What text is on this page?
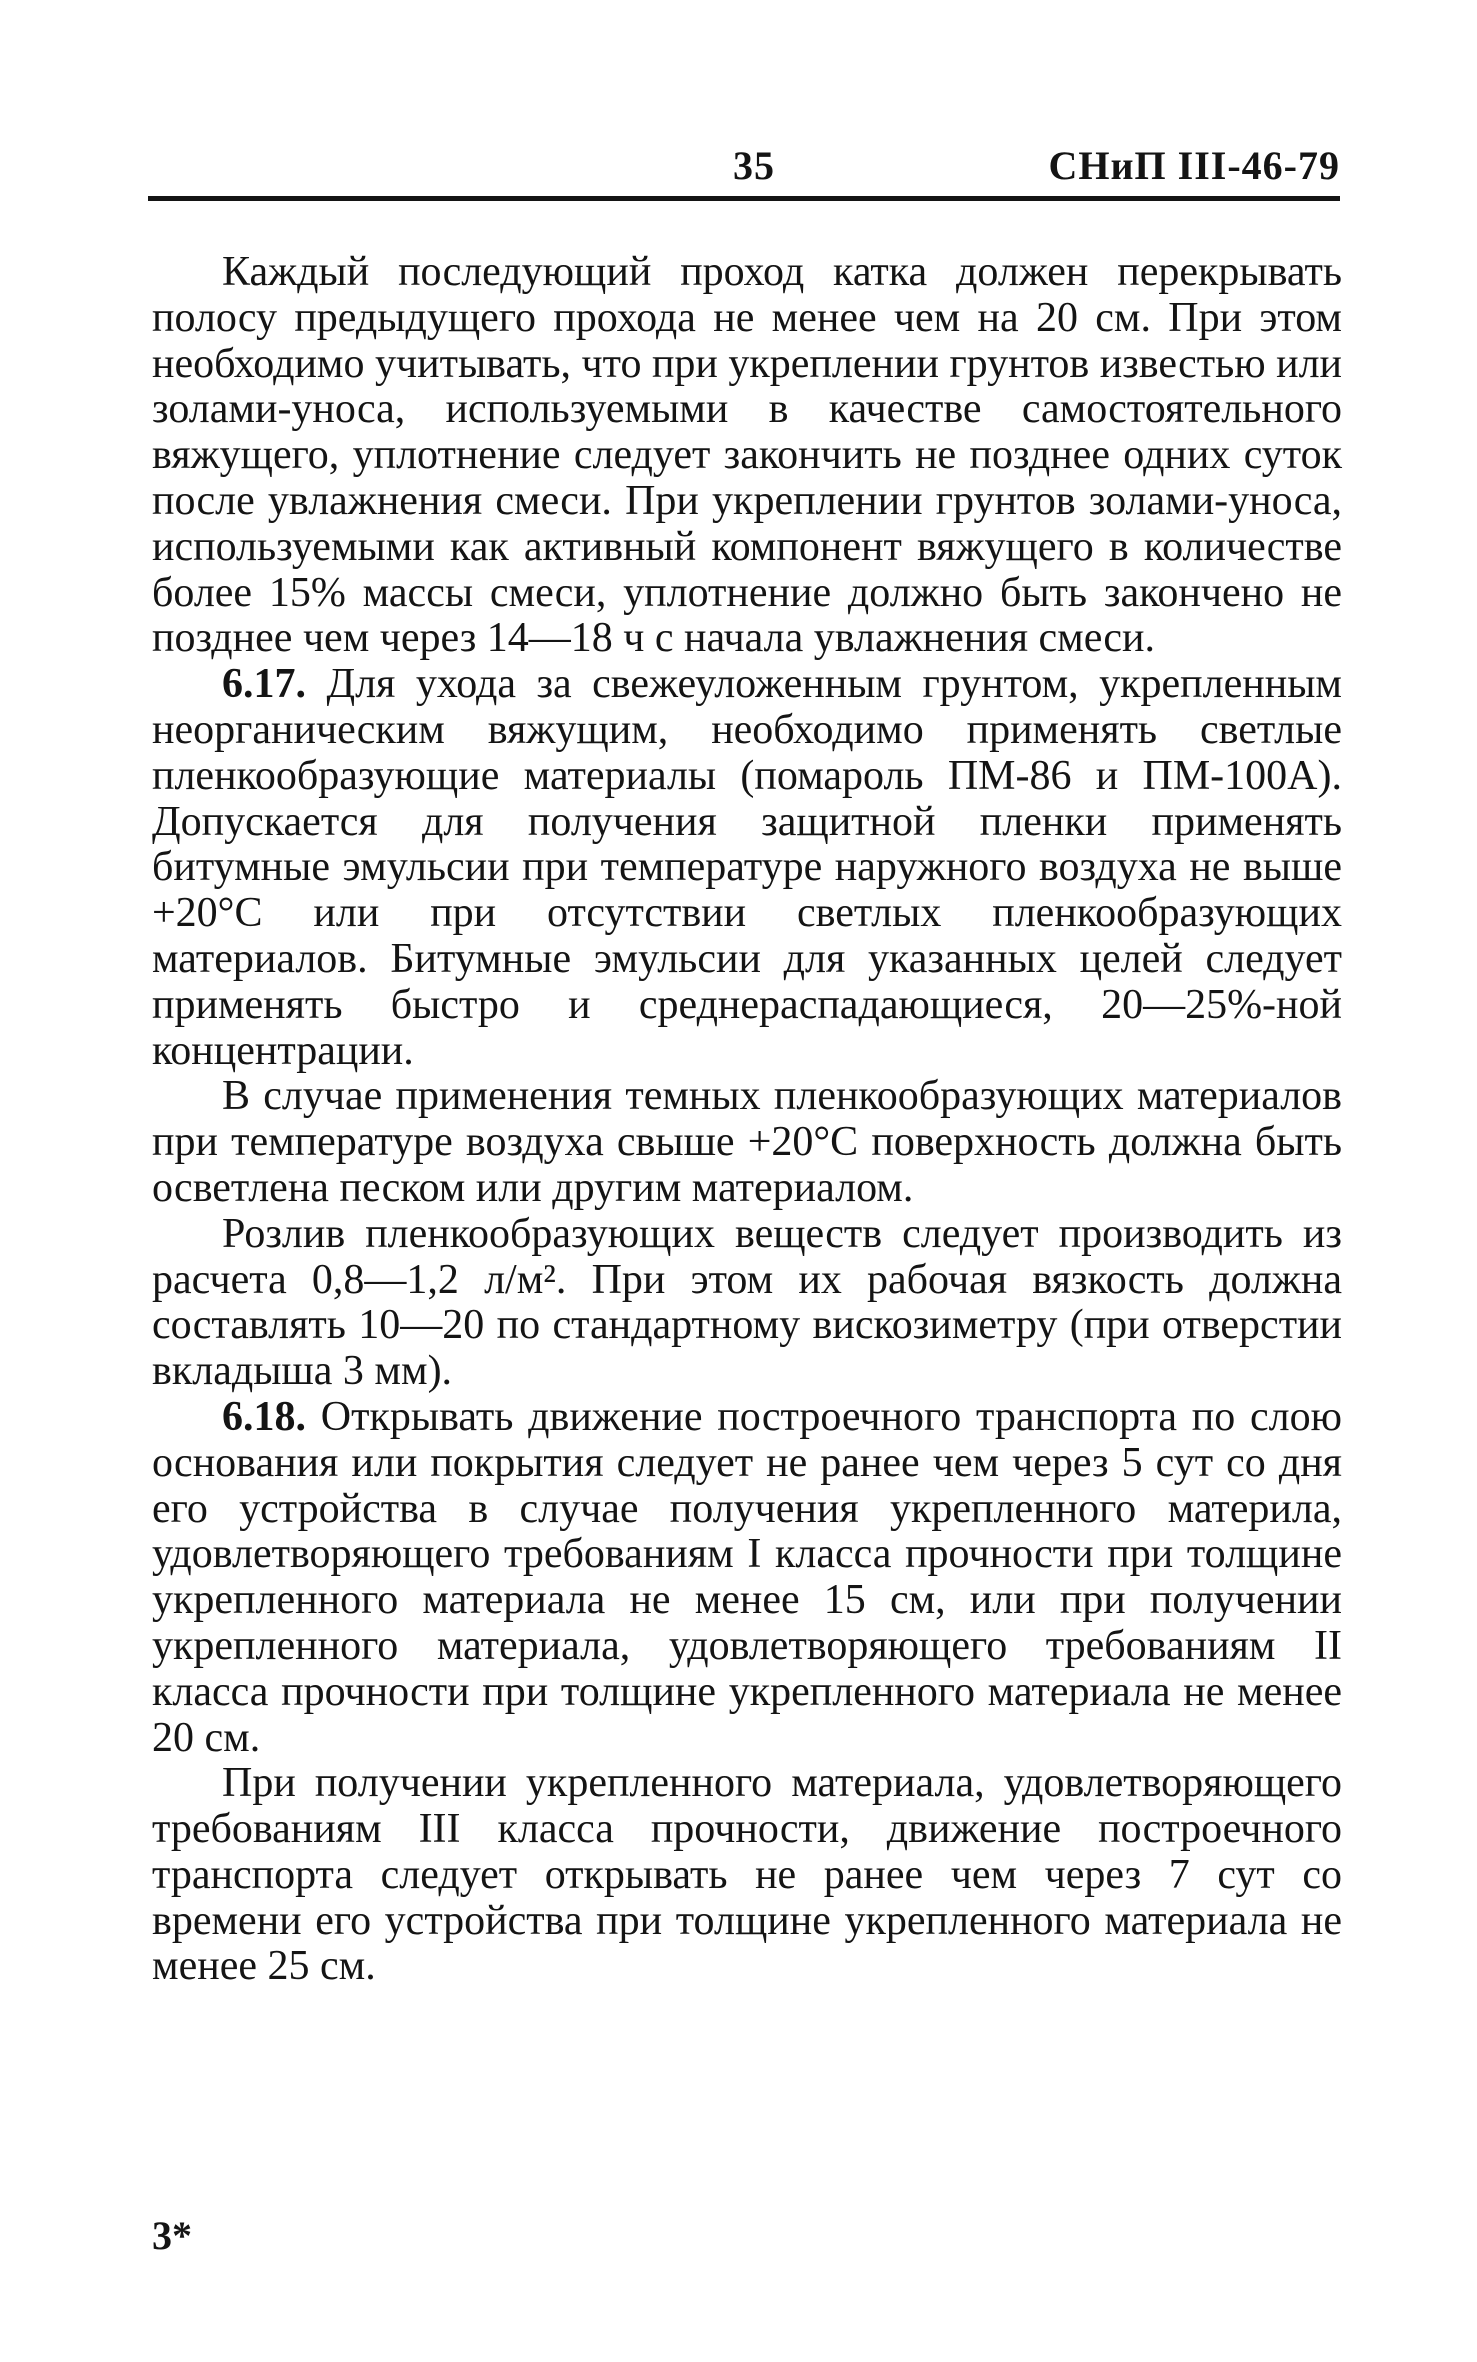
35	СНиП III-46-79

Каждый последующий проход катка должен перекрывать полосу предыдущего прохода не менее чем на 20 см. При этом необходимо учитывать, что при укреплении грунтов известью или золами-уноса, используемыми в качестве самостоятельного вяжущего, уплотнение следует закончить не позднее одних суток после увлажнения смеси. При укреплении грунтов золами-уноса, используемыми как активный компонент вяжущего в количестве более 15% массы смеси, уплотнение должно быть закончено не позднее чем через 14—18 ч с начала увлажнения смеси.

6.17. Для ухода за свежеуложенным грунтом, укрепленным неорганическим вяжущим, необходимо применять светлые пленкообразующие материалы (помароль ПМ-86 и ПМ-100А). Допускается для получения защитной пленки применять битумные эмульсии при температуре наружного воздуха не выше +20°С или при отсутствии светлых пленкообразующих материалов. Битумные эмульсии для указанных целей следует применять быстро и среднераспадающиеся, 20—25%-ной концентрации.

В случае применения темных пленкообразующих материалов при температуре воздуха свыше +20°С поверхность должна быть осветлена песком или другим материалом.

Розлив пленкообразующих веществ следует производить из расчета 0,8—1,2 л/м². При этом их рабочая вязкость должна составлять 10—20 по стандартному вискозиметру (при отверстии вкладыша 3 мм).

6.18. Открывать движение построечного транспорта по слою основания или покрытия следует не ранее чем через 5 сут со дня его устройства в случае получения укрепленного материла, удовлетворяющего требованиям I класса прочности при толщине укрепленного материала не менее 15 см, или при получении укрепленного материала, удовлетворяющего требованиям II класса прочности при толщине укрепленного материала не менее 20 см.

При получении укрепленного материала, удовлетворяющего требованиям III класса прочности, движение построечного транспорта следует открывать не ранее чем через 7 сут со времени его устройства при толщине укрепленного материала не менее 25 см.

3*
